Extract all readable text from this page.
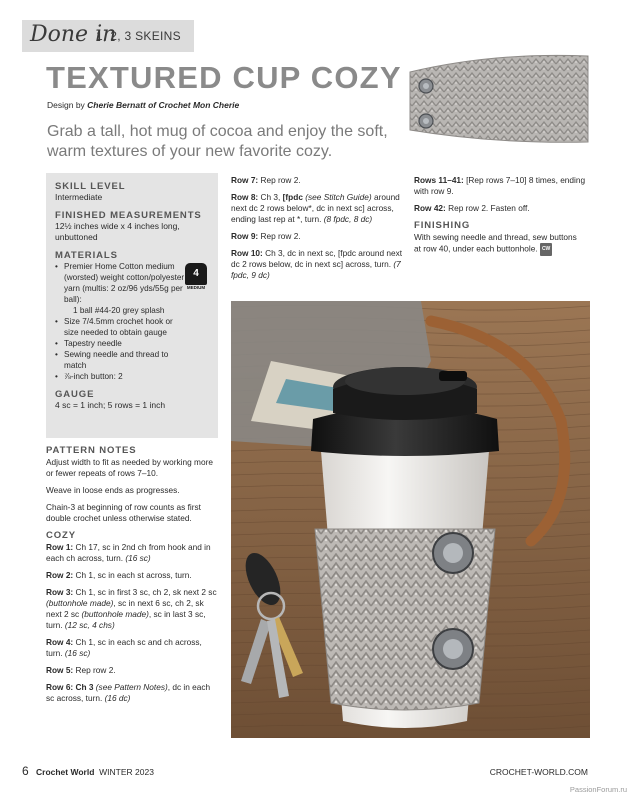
Done in
1, 2, 3 SKEINS
TEXTURED CUP COZY
Design by Cherie Bernatt of Crochet Mon Cherie

Grab a tall, hot mug of cocoa and enjoy the soft, warm textures of your new favorite cozy.

SKILL LEVEL
Intermediate
FINISHED MEASUREMENTS
12½ inches wide x 4 inches long, unbuttoned
MATERIALS
• Premier Home Cotton medium (worsted) weight cotton/polyester yarn (multis: 2 oz/96 yds/55g per ball):
1 ball #44-20 grey splash
• Size 7/4.5mm crochet hook or size needed to obtain gauge
• Tapestry needle
• Sewing needle and thread to match
• ⅞-inch button: 2
4
MEDIUM
GAUGE
4 sc = 1 inch; 5 rows = 1 inch
PATTERN NOTES

Adjust width to fit as needed by working more or fewer repeats of rows 7–10.

Weave in loose ends as progresses.

Chain-3 at beginning of row counts as first double crochet unless otherwise stated.

COZY

Row 1: Ch 17, sc in 2nd ch from hook and in each ch across, turn. (16 sc)

Row 2: Ch 1, sc in each st across, turn.

Row 3: Ch 1, sc in first 3 sc, ch 2, sk next 2 sc (buttonhole made), sc in next 6 sc, ch 2, sk next 2 sc (buttonhole made), sc in last 3 sc, turn. (12 sc, 4 chs)

Row 4: Ch 1, sc in each sc and ch across, turn. (16 sc)

Row 5: Rep row 2.

Row 6: Ch 3 (see Pattern Notes), dc in each sc across, turn. (16 dc)

Row 7: Rep row 2.

Row 8: Ch 3, [fpdc (see Stitch Guide) around next dc 2 rows below*, dc in next sc] across, ending last rep at *, turn. (8 fpdc, 8 dc)

Row 9: Rep row 2.

Row 10: Ch 3, dc in next sc, [fpdc around next dc 2 rows below, dc in next sc] across, turn. (7 fpdc, 9 dc)

Rows 11–41: [Rep rows 7–10] 8 times, ending with row 9.

Row 42: Rep row 2. Fasten off.

FINISHING

With sewing needle and thread, sew buttons at row 40, under each buttonhole. CW

6 Crochet World WINTER 2023	CROCHET-WORLD.COM
PassionForum.ru
